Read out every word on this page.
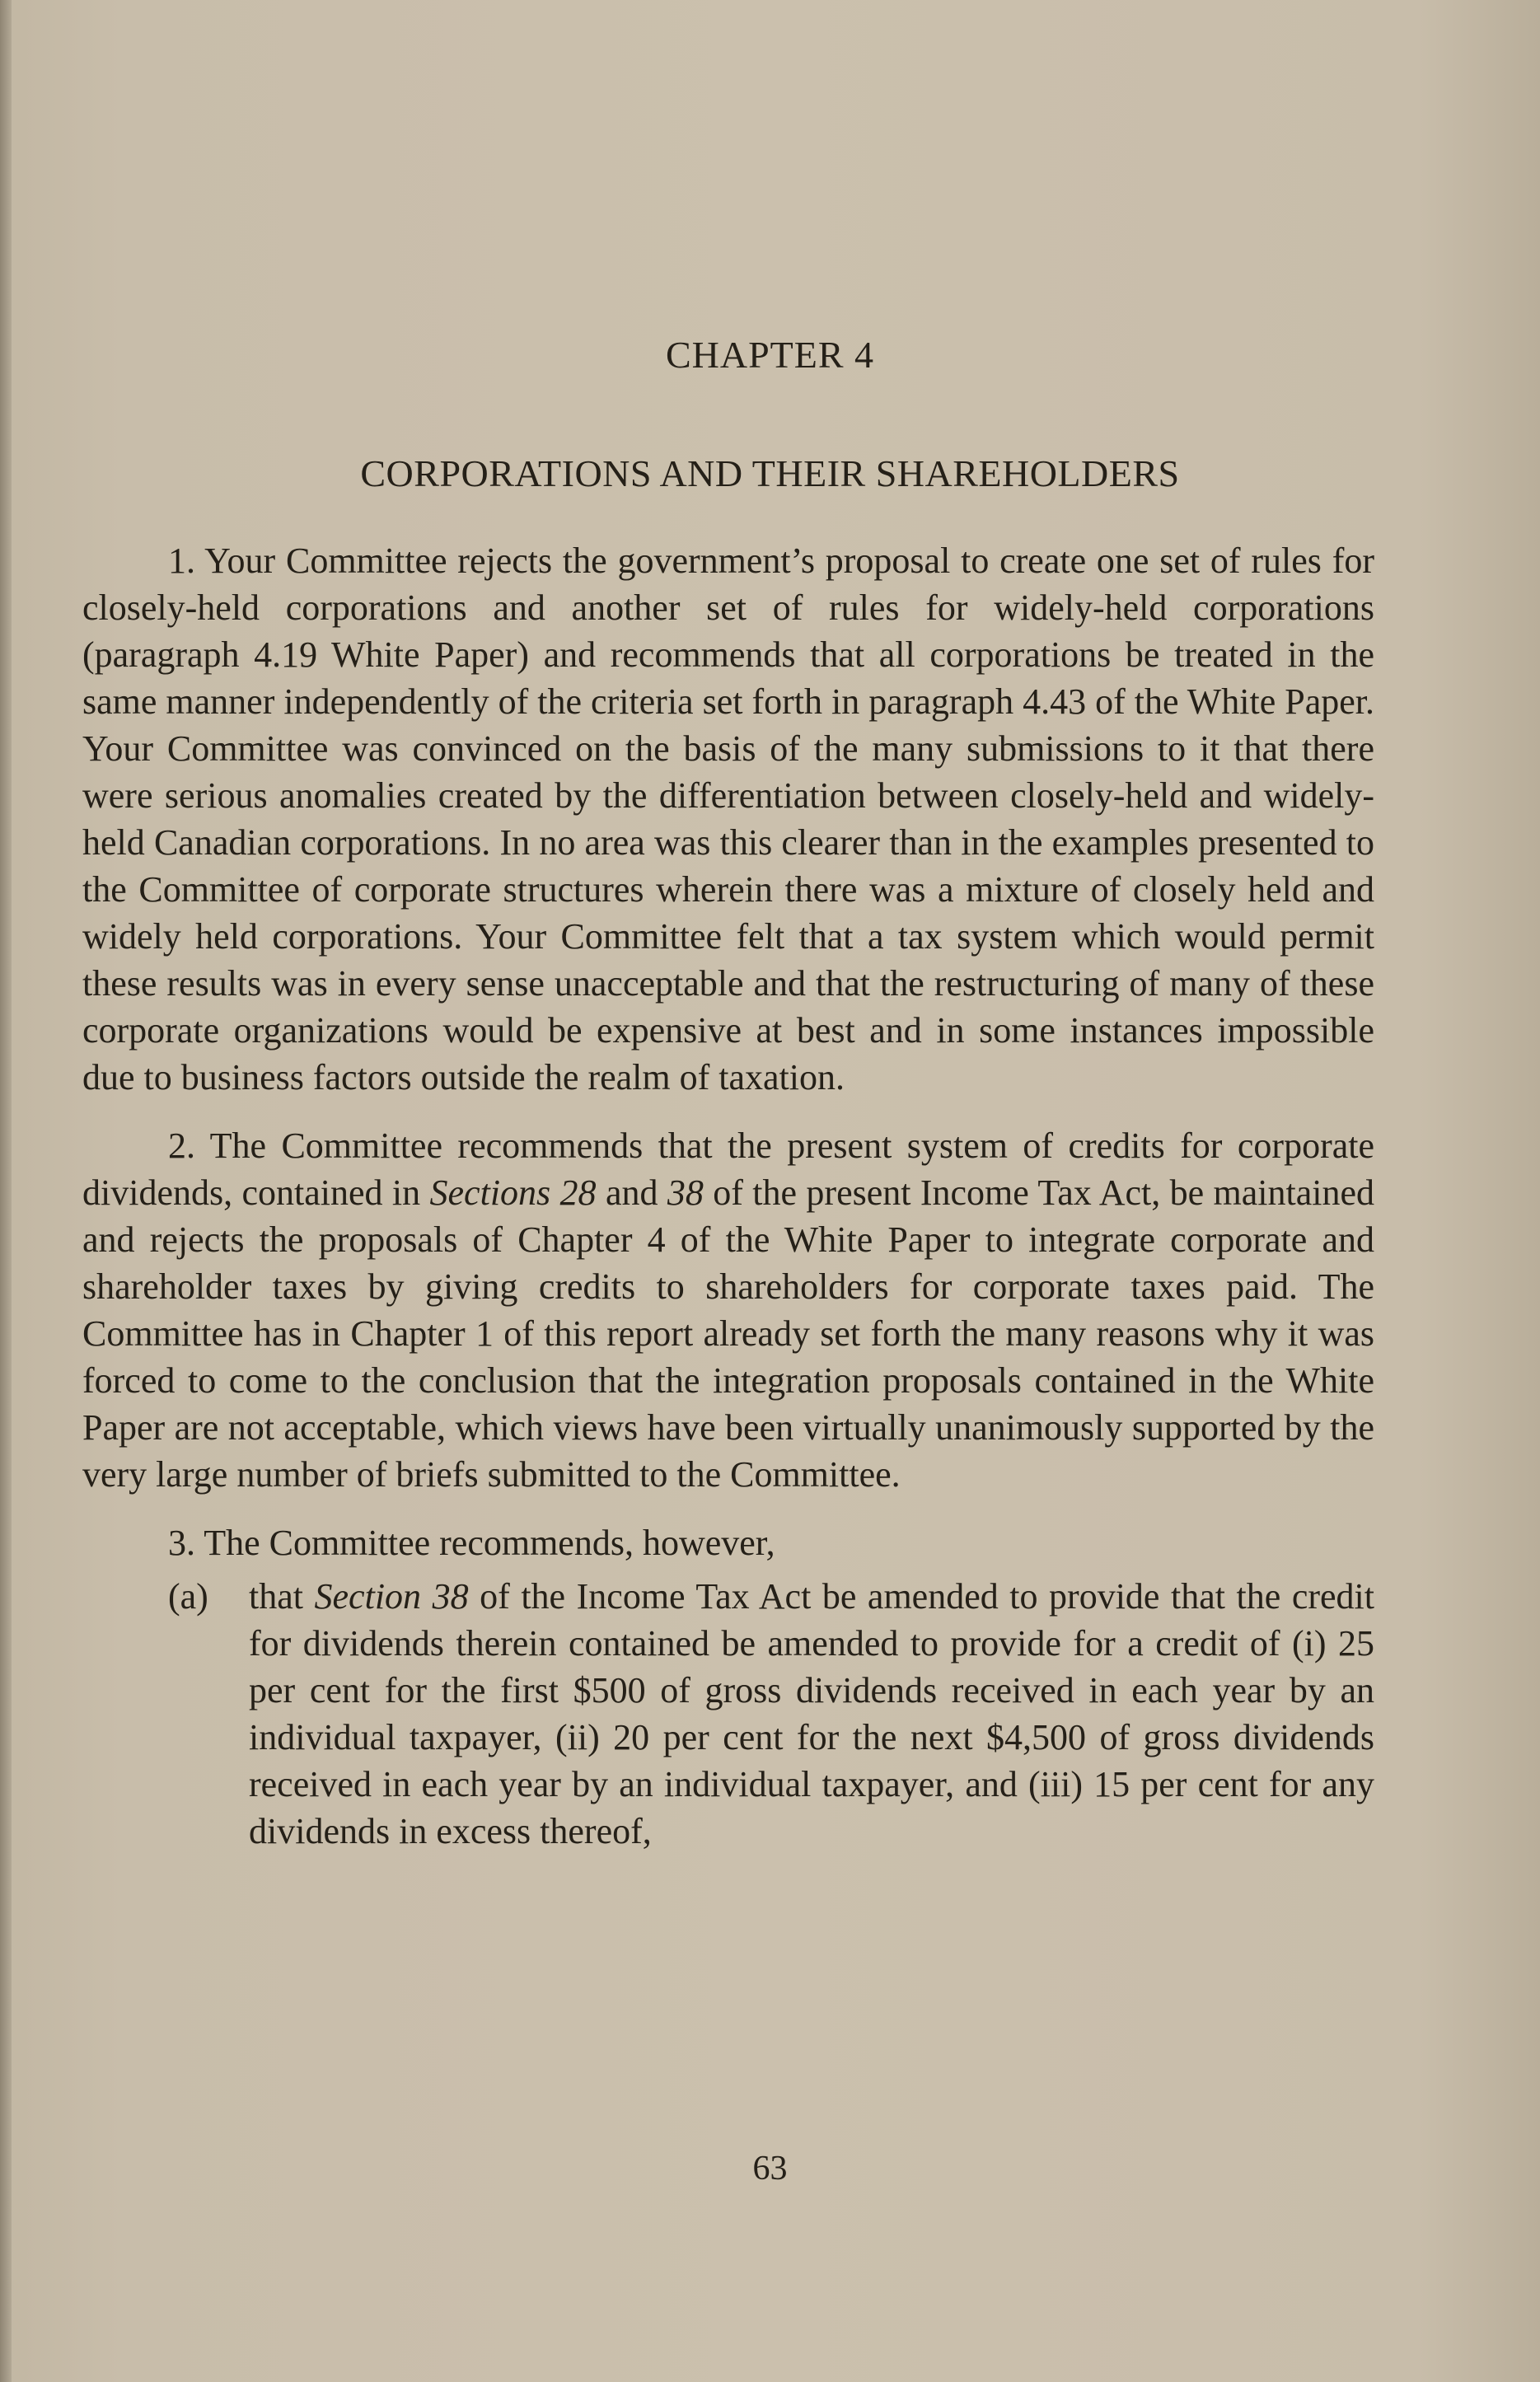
CHAPTER 4
CORPORATIONS AND THEIR SHAREHOLDERS

1. Your Committee rejects the government’s proposal to create one set of rules for closely-held corporations and another set of rules for widely-held corporations (paragraph 4.19 White Paper) and recommends that all corporations be treated in the same manner independently of the criteria set forth in paragraph 4.43 of the White Paper. Your Committee was convinced on the basis of the many submissions to it that there were serious anomalies created by the differentiation between closely-held and widely-held Canadian corporations. In no area was this clearer than in the examples presented to the Committee of corporate structures wherein there was a mixture of closely held and widely held corporations. Your Committee felt that a tax system which would permit these results was in every sense unacceptable and that the restructuring of many of these corporate organizations would be expensive at best and in some instances impossible due to business factors outside the realm of taxation.

2. The Committee recommends that the present system of credits for corporate dividends, contained in Sections 28 and 38 of the present Income Tax Act, be maintained and rejects the proposals of Chapter 4 of the White Paper to integrate corporate and shareholder taxes by giving credits to shareholders for corporate taxes paid. The Committee has in Chapter 1 of this report already set forth the many reasons why it was forced to come to the conclusion that the integration proposals contained in the White Paper are not acceptable, which views have been virtually unanimously supported by the very large number of briefs submitted to the Committee.

3. The Committee recommends, however,

(a) that Section 38 of the Income Tax Act be amended to provide that the credit for dividends therein contained be amended to provide for a credit of (i) 25 per cent for the first $500 of gross dividends received in each year by an individual taxpayer, (ii) 20 per cent for the next $4,500 of gross dividends received in each year by an individual taxpayer, and (iii) 15 per cent for any dividends in excess thereof,

63
